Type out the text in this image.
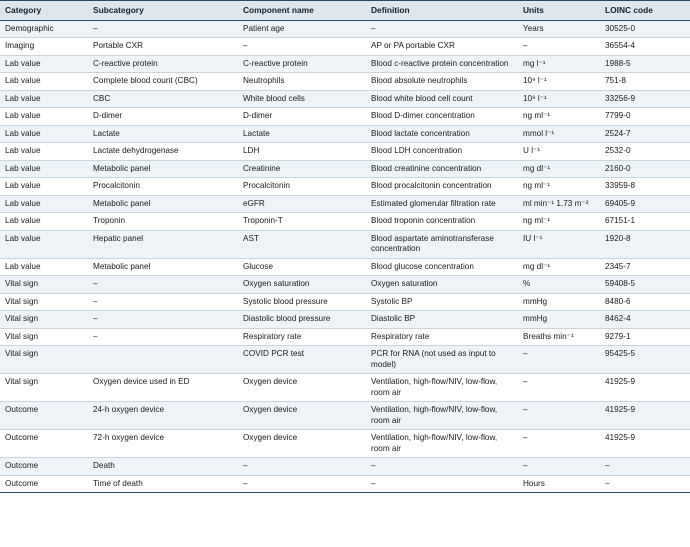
Category	Subcategory	Component name	Definition	Units	LOINC code
Demographic	–	Patient age	–	Years	30525-0
Imaging	Portable CXR	–	AP or PA portable CXR	–	36554-4
Lab value	C-reactive protein	C-reactive protein	Blood c-reactive protein concentration	mg l⁻¹	1988-5
Lab value	Complete blood count (CBC)	Neutrophils	Blood absolute neutrophils	10⁹ l⁻¹	751-8
Lab value	CBC	White blood cells	Blood white blood cell count	10⁹ l⁻¹	33256-9
Lab value	D-dimer	D-dimer	Blood D-dimer concentration	ng ml⁻¹	7799-0
Lab value	Lactate	Lactate	Blood lactate concentration	mmol l⁻¹	2524-7
Lab value	Lactate dehydrogenase	LDH	Blood LDH concentration	U l⁻¹	2532-0
Lab value	Metabolic panel	Creatinine	Blood creatinine concentration	mg dl⁻¹	2160-0
Lab value	Procalcitonin	Procalcitonin	Blood procalcitonin concentration	ng ml⁻¹	33959-8
Lab value	Metabolic panel	eGFR	Estimated glomerular filtration rate	ml min⁻¹ 1.73 m⁻²	69405-9
Lab value	Troponin	Troponin-T	Blood troponin concentration	ng ml⁻¹	67151-1
Lab value	Hepatic panel	AST	Blood aspartate aminotransferase concentration	IU l⁻¹	1920-8
Lab value	Metabolic panel	Glucose	Blood glucose concentration	mg dl⁻¹	2345-7
Vital sign	–	Oxygen saturation	Oxygen saturation	%	59408-5
Vital sign	–	Systolic blood pressure	Systolic BP	mmHg	8480-6
Vital sign	–	Diastolic blood pressure	Diastolic BP	mmHg	8462-4
Vital sign	–	Respiratory rate	Respiratory rate	Breaths min⁻¹	9279-1
Vital sign		COVID PCR test	PCR for RNA (not used as input to model)	–	95425-5
Vital sign	Oxygen device used in ED	Oxygen device	Ventilation, high-flow/NIV, low-flow, room air	–	41925-9
Outcome	24-h oxygen device	Oxygen device	Ventilation, high-flow/NIV, low-flow, room air	–	41925-9
Outcome	72-h oxygen device	Oxygen device	Ventilation, high-flow/NIV, low-flow, room air	–	41925-9
Outcome	Death	–	–	–	–
Outcome	Time of death	–	–	Hours	–
